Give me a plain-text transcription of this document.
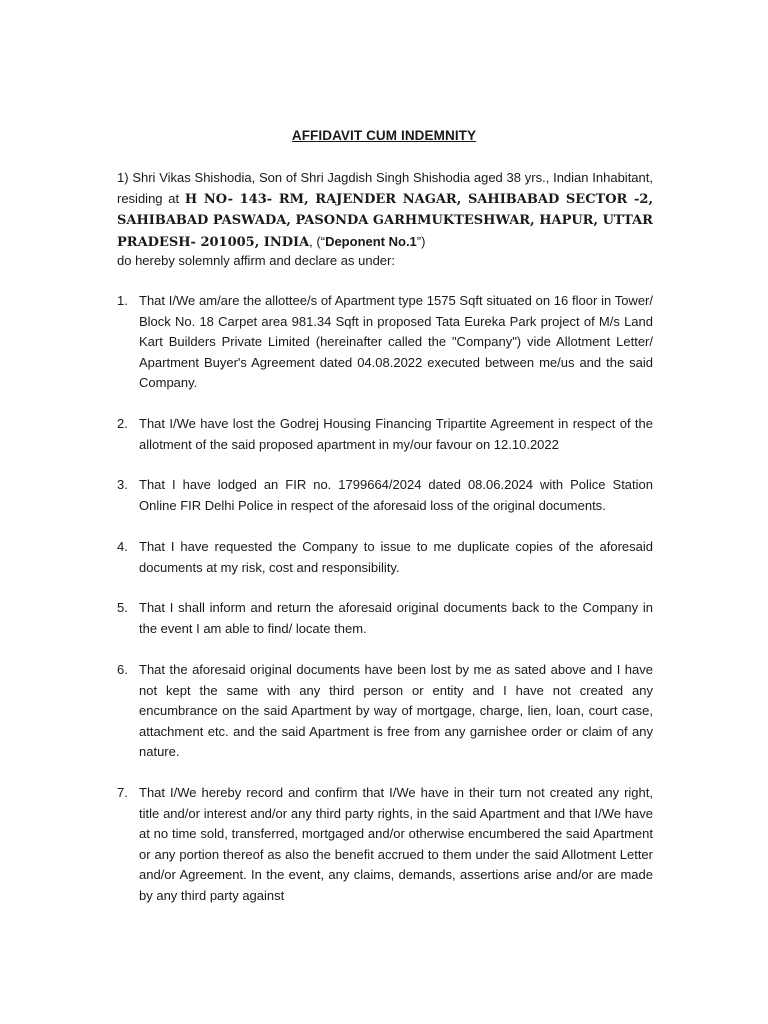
AFFIDAVIT CUM INDEMNITY
1) Shri Vikas Shishodia, Son of Shri Jagdish Singh Shishodia aged 38 yrs., Indian Inhabitant, residing at H NO- 143- RM, RAJENDER NAGAR, SAHIBABAD SECTOR -2, SAHIBABAD PASWADA, PASONDA GARHMUKTESHWAR, HAPUR, UTTAR PRADESH- 201005, INDIA, (“Deponent No.1”)
do hereby solemnly affirm and declare as under:
1. That I/We am/are the allottee/s of Apartment type 1575 Sqft situated on 16 floor in Tower/ Block No. 18 Carpet area 981.34 Sqft in proposed Tata Eureka Park project of M/s Land Kart Builders Private Limited (hereinafter called the "Company") vide Allotment Letter/ Apartment Buyer's Agreement dated 04.08.2022 executed between me/us and the said Company.
2. That I/We have lost the Godrej Housing Financing Tripartite Agreement in respect of the allotment of the said proposed apartment in my/our favour on 12.10.2022
3. That I have lodged an FIR no. 1799664/2024 dated 08.06.2024 with Police Station Online FIR Delhi Police in respect of the aforesaid loss of the original documents.
4. That I have requested the Company to issue to me duplicate copies of the aforesaid documents at my risk, cost and responsibility.
5. That I shall inform and return the aforesaid original documents back to the Company in the event I am able to find/ locate them.
6. That the aforesaid original documents have been lost by me as sated above and I have not kept the same with any third person or entity and I have not created any encumbrance on the said Apartment by way of mortgage, charge, lien, loan, court case, attachment etc. and the said Apartment is free from any garnishee order or claim of any nature.
7. That I/We hereby record and confirm that I/We have in their turn not created any right, title and/or interest and/or any third party rights, in the said Apartment and that I/We have at no time sold, transferred, mortgaged and/or otherwise encumbered the said Apartment or any portion thereof as also the benefit accrued to them under the said Allotment Letter and/or Agreement. In the event, any claims, demands, assertions arise and/or are made by any third party against
